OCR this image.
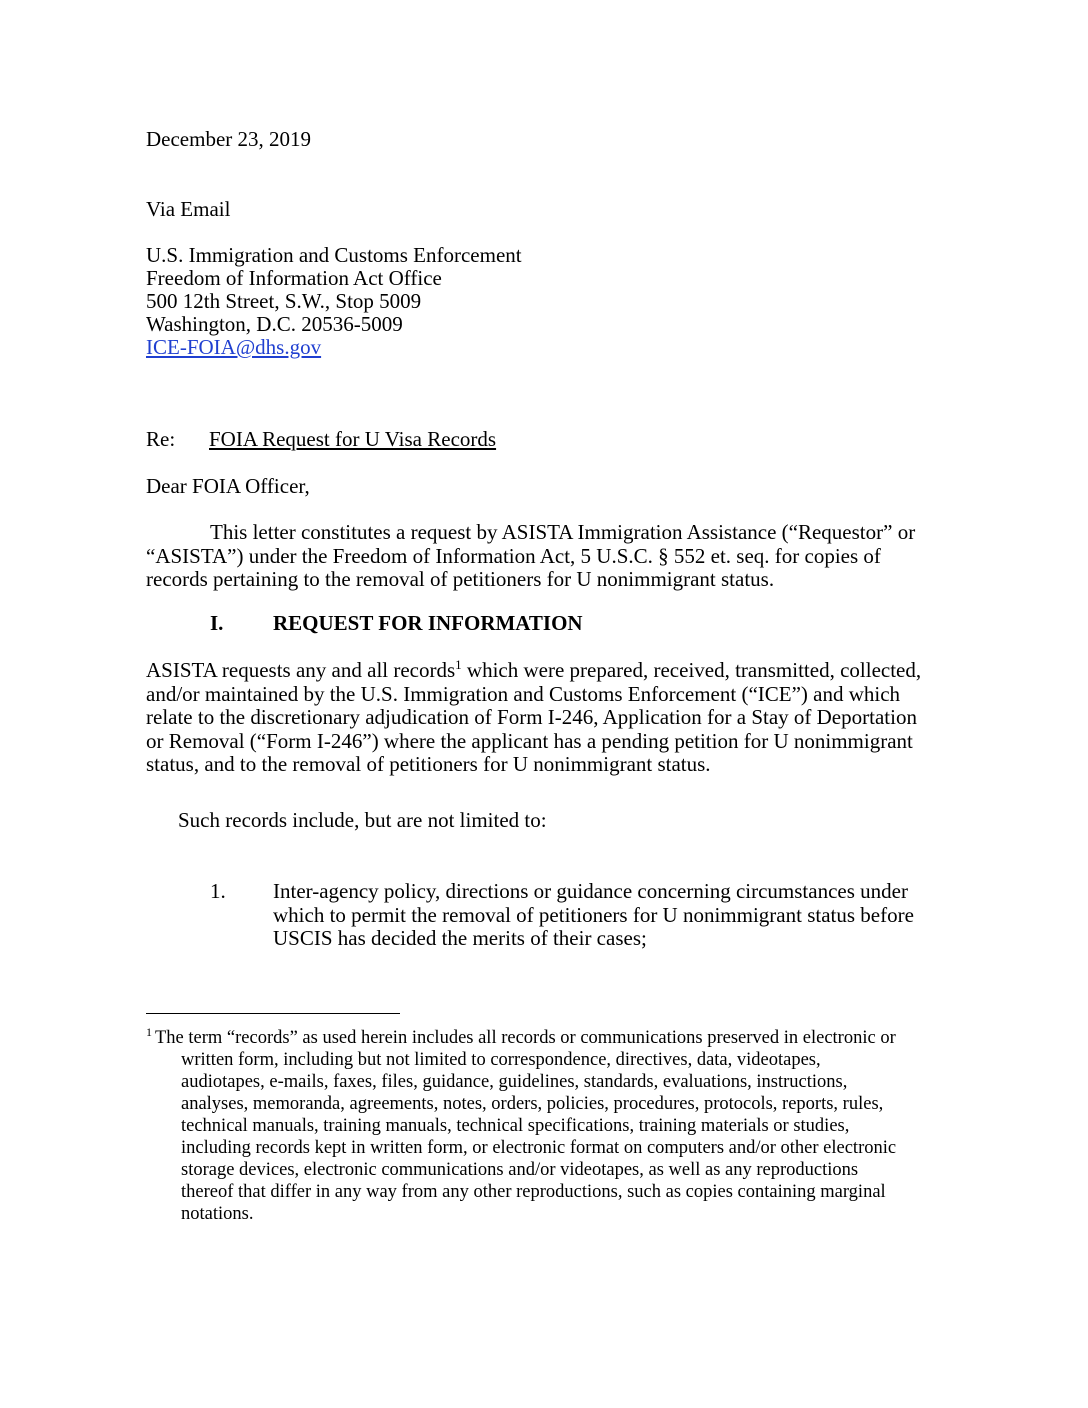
December 23, 2019
Via Email
U.S. Immigration and Customs Enforcement
Freedom of Information Act Office
500 12th Street, S.W., Stop 5009
Washington, D.C. 20536-5009
ICE-FOIA@dhs.gov
Re: FOIA Request for U Visa Records
Dear FOIA Officer,
This letter constitutes a request by ASISTA Immigration Assistance (“Requestor” or
“ASISTA”) under the Freedom of Information Act, 5 U.S.C. § 552 et. seq. for copies of
records pertaining to the removal of petitioners for U nonimmigrant status.
I. REQUEST FOR INFORMATION
ASISTA requests any and all records$^1$ which were prepared, received, transmitted, collected,
and/or maintained by the U.S. Immigration and Customs Enforcement (“ICE”) and which
relate to the discretionary adjudication of Form I-246, Application for a Stay of Deportation
or Removal (“Form I-246”) where the applicant has a pending petition for U nonimmigrant
status, and to the removal of petitioners for U nonimmigrant status.
Such records include, but are not limited to:
1. Inter-agency policy, directions or guidance concerning circumstances under
which to permit the removal of petitioners for U nonimmigrant status before
USCIS has decided the merits of their cases;
$^1$ The term “records” as used herein includes all records or communications preserved in electronic or
written form, including but not limited to correspondence, directives, data, videotapes,
audiotapes, e-mails, faxes, files, guidance, guidelines, standards, evaluations, instructions,
analyses, memoranda, agreements, notes, orders, policies, procedures, protocols, reports, rules,
technical manuals, training manuals, technical specifications, training materials or studies,
including records kept in written form, or electronic format on computers and/or other electronic
storage devices, electronic communications and/or videotapes, as well as any reproductions
thereof that differ in any way from any other reproductions, such as copies containing marginal
notations.
